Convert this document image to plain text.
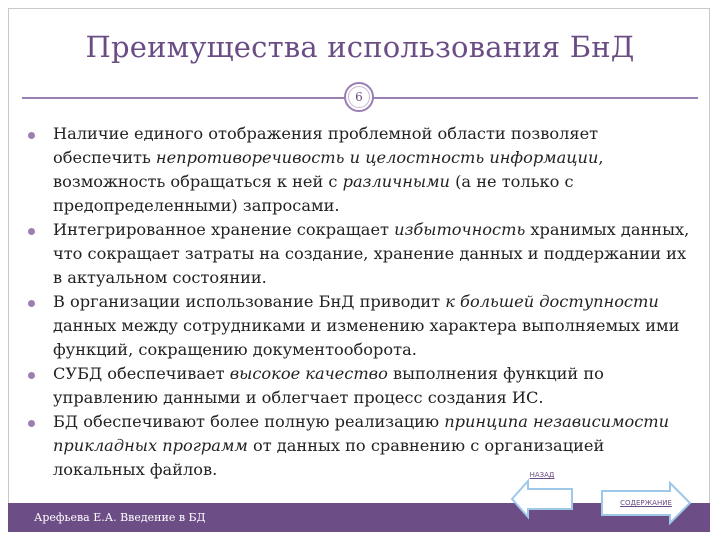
Преимущества использования БнД
6

Наличие единого отображения проблемной области позволяет обеспечить непротиворечивость и целостность информации, возможность обращаться к ней с различными (а не только с предопределенными) запросами.

Интегрированное хранение сокращает избыточность хранимых данных, что сокращает затраты на создание, хранение данных и поддержании их в актуальном состоянии.

В организации использование БнД приводит к большей доступности данных между сотрудниками и изменению характера выполняемых ими функций, сокращению документооборота.

СУБД обеспечивает высокое качество выполнения функций по управлению данными и облегчает процесс создания ИС.

БД обеспечивают более полную реализацию принципа независимости прикладных программ от данных по сравнению с организацией локальных файлов.

Арефьева Е.А. Введение в БД
НАЗАД
СОДЕРЖАНИЕ
